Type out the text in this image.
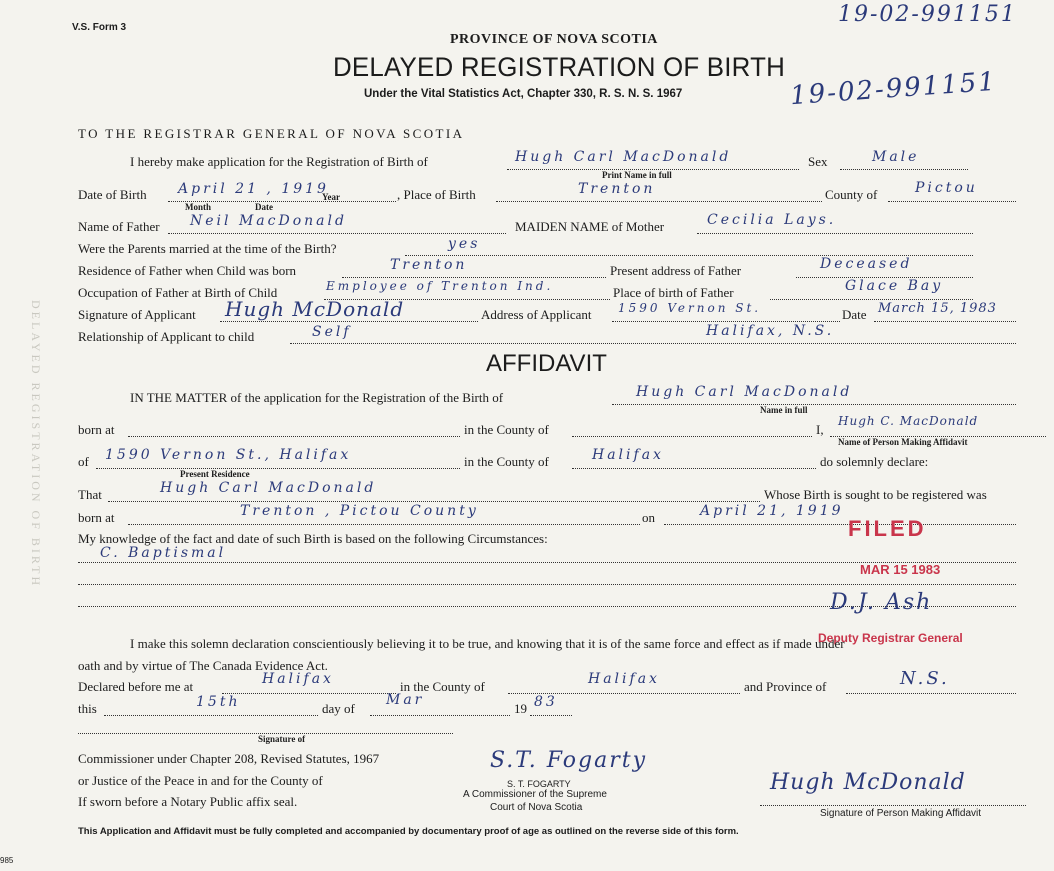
DELAYED REGISTRATION OF BIRTH
V.S. Form 3
19-02-991151
PROVINCE OF NOVA SCOTIA
DELAYED REGISTRATION OF BIRTH
Under the Vital Statistics Act, Chapter 330, R. S. N. S. 1967	19-02-991151
TO THE REGISTRAR GENERAL OF NOVA SCOTIA
I hereby make application for the Registration of Birth of	Hugh Carl MacDonald
Print Name in full
Sex	Male
Date of Birth April 21 , 1919
Month	Date
Year	, Place of Birth	Trenton	County of	Pictou
Name of Father Neil MacDonald	MAIDEN NAME of Mother	Cecilia Lays.
Were the Parents married at the time of the Birth?	yes
Residence of Father when Child was born	Trenton	Present address of Father	Deceased
Occupation of Father at Birth of Child	Employee of Trenton Ind.	Place of birth of Father	Glace Bay
Signature of Applicant Hugh McDonald	Address of Applicant 1590 Vernon St.	Date March 15, 1983
Relationship of Applicant to child	Self	Halifax, N.S.
AFFIDAVIT
IN THE MATTER of the application for the Registration of the Birth of	Hugh Carl MacDonald
Name in full
born at	in the County of	I,
Hugh C. MacDonald
Name of Person Making Affidavit
of 1590 Vernon St., Halifax
Present Residence
in the County of	Halifax	do solemnly declare:
That	Hugh Carl MacDonald	Whose Birth is sought to be registered was
born at	Trenton , Pictou County	on	April 21, 1919
My knowledge of the fact and date of such Birth is based on the following Circumstances:
C. Baptismal
FILED
MAR 15 1983
D.J. Ash
Deputy Registrar General
I make this solemn declaration conscientiously believing it to be true, and knowing that it is of the same force and effect as if made under
oath and by virtue of The Canada Evidence Act.
Declared before me at	Halifax	in the County of	Halifax	and Province of	N.S.
this	15th	day of
Mar
19 83
Signature of
Commissioner under Chapter 208, Revised Statutes, 1967
or Justice of the Peace in and for the County of
If sworn before a Notary Public affix seal.
S.T. Fogarty
S. T. FOGARTY
A Commissioner of the Supreme
Court of Nova Scotia
Hugh McDonald
Signature of Person Making Affidavit
This Application and Affidavit must be fully completed and accompanied by documentary proof of age as outlined on the reverse side of this form.
985
